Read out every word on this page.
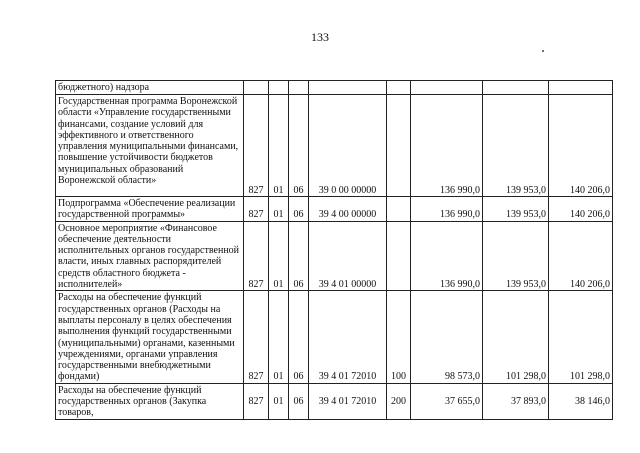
133
бюджетного) надзора								
Государственная программа Воронежской области «Управление государственными финансами, создание условий для эффективного и ответственного управления муниципальными финансами, повышение устойчивости бюджетов муниципальных образований Воронежской области»	827	01	06	39 0 00 00000		136 990,0	139 953,0	140 206,0
Подпрограмма «Обеспечение реализации государственной программы»	827	01	06	39 4 00 00000		136 990,0	139 953,0	140 206,0
Основное мероприятие «Финансовое обеспечение деятельности исполнительных органов государственной власти, иных главных распорядителей средств областного бюджета - исполнителей»	827	01	06	39 4 01 00000		136 990,0	139 953,0	140 206,0
Расходы на обеспечение функций государственных органов (Расходы на выплаты персоналу в целях обеспечения выполнения функций государственными (муниципальными) органами, казенными учреждениями, органами управления государственными внебюджетными фондами)	827	01	06	39 4 01 72010	100	98 573,0	101 298,0	101 298,0
Расходы на обеспечение функций государственных органов (Закупка товаров,	827	01	06	39 4 01 72010	200	37 655,0	37 893,0	38 146,0
